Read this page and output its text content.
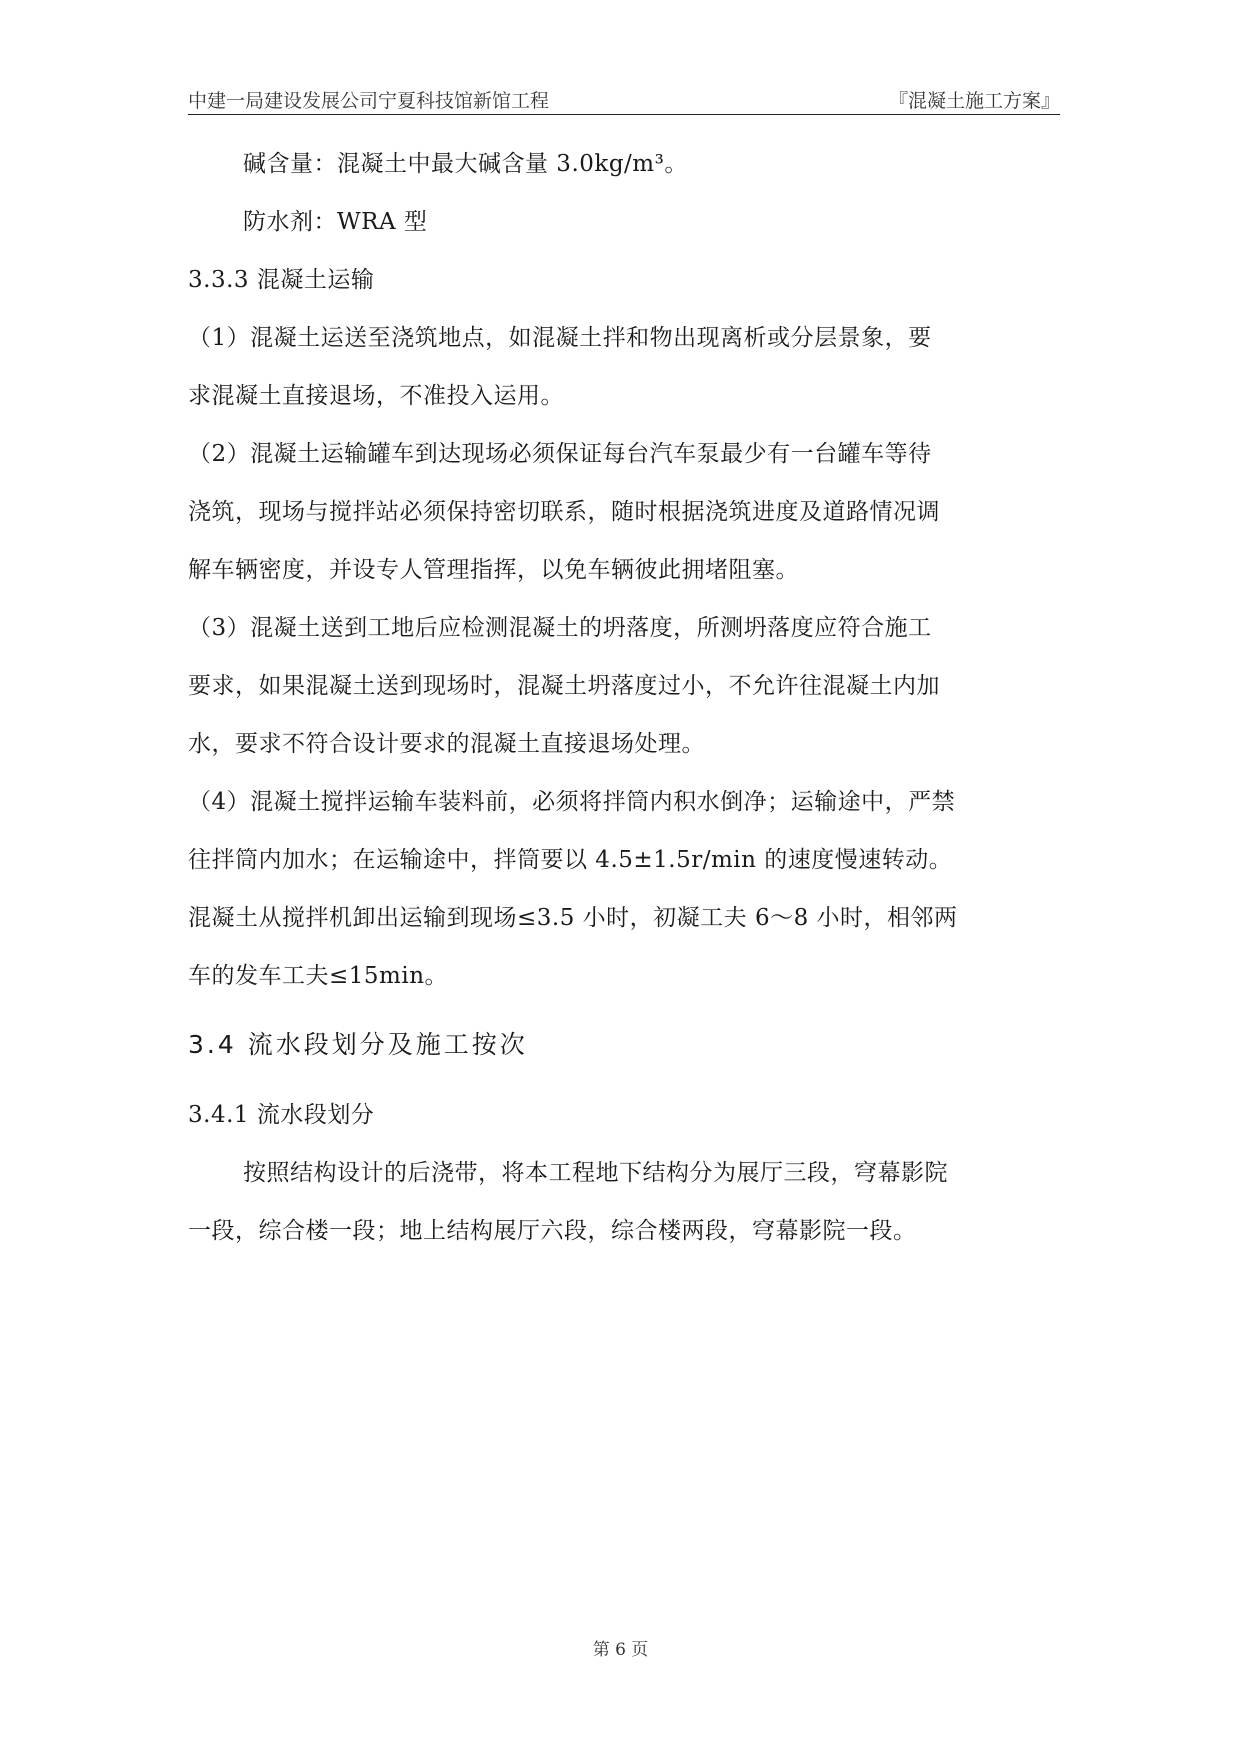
中建一局建设发展公司宁夏科技馆新馆工程	『混凝土施工方案』
碱含量：混凝土中最大碱含量 3.0kg/m³。
防水剂：WRA 型
3.3.3 混凝土运输
（1）混凝土运送至浇筑地点，如混凝土拌和物出现离析或分层景象，要
求混凝土直接退场，不准投入运用。
（2）混凝土运输罐车到达现场必须保证每台汽车泵最少有一台罐车等待
浇筑，现场与搅拌站必须保持密切联系，随时根据浇筑进度及道路情况调
解车辆密度，并设专人管理指挥，以免车辆彼此拥堵阻塞。
（3）混凝土送到工地后应检测混凝土的坍落度，所测坍落度应符合施工
要求，如果混凝土送到现场时，混凝土坍落度过小，不允许往混凝土内加
水，要求不符合设计要求的混凝土直接退场处理。
（4）混凝土搅拌运输车装料前，必须将拌筒内积水倒净；运输途中，严禁
往拌筒内加水；在运输途中，拌筒要以 4.5±1.5r/min 的速度慢速转动。
混凝土从搅拌机卸出运输到现场≤3.5 小时，初凝工夫 6～8 小时，相邻两
车的发车工夫≤15min。
3.4 流水段划分及施工按次
3.4.1 流水段划分
按照结构设计的后浇带，将本工程地下结构分为展厅三段，穹幕影院
一段，综合楼一段；地上结构展厅六段，综合楼两段，穹幕影院一段。
第 6 页
